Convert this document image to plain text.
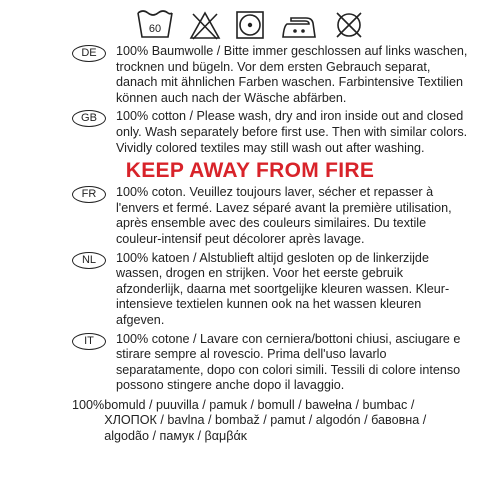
60
DE	100% Baumwolle / Bitte immer geschlossen auf links waschen, trocknen und bügeln. Vor dem ersten Gebrauch separat, danach mit ähnlichen Farben waschen. Farbintensive Textilien können auch nach der Wäsche abfärben.
GB	100% cotton / Please wash, dry and iron inside out and closed only. Wash separately before first use. Then with similar colors. Vividly colored textiles may still wash out after washing.
KEEP AWAY FROM FIRE
FR	100% coton. Veuillez toujours laver, sécher et repasser à l'envers et fermé. Lavez séparé avant la première utilisation, après ensemble avec des couleurs similaires. Du textile couleur-intensif peut décolorer après lavage.
NL	100% katoen / Alstublieft altijd gesloten op de linkerzijde wassen, drogen en strijken. Voor het eerste gebruik afzonderlijk, daarna met soortgelijke kleuren wassen. Kleur-intensieve textielen kunnen ook na het wassen kleuren afgeven.
IT	100% cotone / Lavare con cerniera/bottoni chiusi, asciugare e stirare sempre al rovescio. Prima dell'uso lavarlo separatamente, dopo con colori simili. Tessili di colore intenso possono stingere anche dopo il lavaggio.
100% bomuld / puuvilla / pamuk / bomull / bawełna / bumbac / ХЛОПОК / bavlna / bombaž / pamut / algodón / бавовна / algodão / памук / βαμβάκ
